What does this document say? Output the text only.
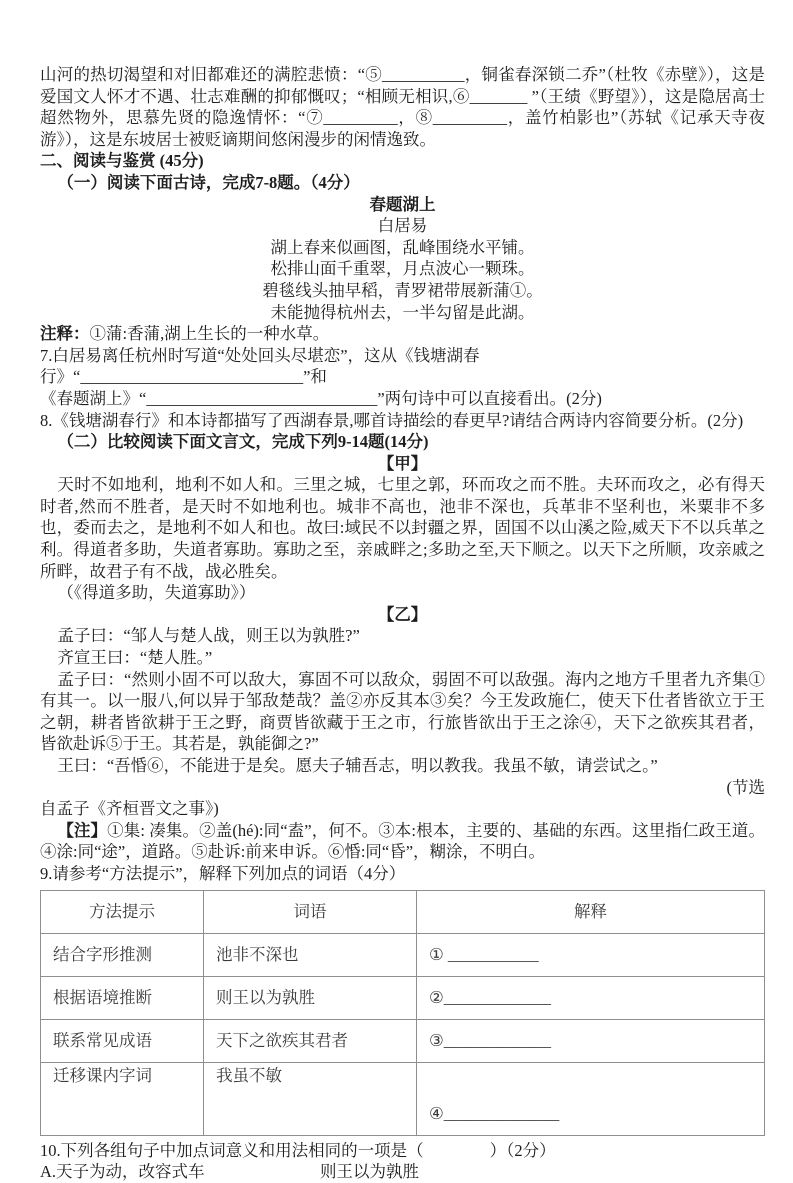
山河的热切渴望和对旧都难还的满腔悲愤：“⑤__________，铜雀春深锁二乔”（杜牧《赤壁》），这是爱国文人怀才不遇、壮志难酬的抑郁慨叹；“相顾无相识,⑥_______ ”（王绩《野望》），这是隐居高士超然物外，思慕先贤的隐逸情怀：“⑦_________，⑧_________，盖竹柏影也”（苏轼《记承天寺夜游》），这是东坡居士被贬谪期间悠闲漫步的闲情逸致。

二、阅读与鉴赏 (45分)
（一）阅读下面古诗，完成7-8题。（4分）
春题湖上
白居易
湖上春来似画图，乱峰围绕水平铺。
松排山面千重翠，月点波心一颗珠。
碧毯线头抽早稻，青罗裙带展新蒲①。
未能抛得杭州去，一半勾留是此湖。

注释：①蒲:香蒲,湖上生长的一种水草。

7.白居易离任杭州时写道“处处回头尽堪恋”，这从《钱塘湖春行》“___________________________”和
《春题湖上》“____________________________”两句诗中可以直接看出。(2分)
8.《钱塘湖春行》和本诗都描写了西湖春景,哪首诗描绘的春更早?请结合两诗内容简要分析。(2分)
（二）比较阅读下面文言文，完成下列9-14题(14分)
【甲】

天时不如地利，地利不如人和。三里之城，七里之郭，环而攻之而不胜。夫环而攻之，必有得天时者,然而不胜者，是天时不如地利也。城非不高也，池非不深也，兵革非不坚利也，米粟非不多也，委而去之，是地利不如人和也。故曰:域民不以封疆之界，固国不以山溪之险,威天下不以兵革之利。得道者多助，失道者寡助。寡助之至，亲戚畔之;多助之至,天下顺之。以天下之所顺，攻亲戚之所畔，故君子有不战，战必胜矣。

（《得道多助，失道寡助》）
【乙】
孟子曰：“邹人与楚人战，则王以为孰胜?”
齐宣王曰：“楚人胜。”

孟子曰：“然则小固不可以敌大，寡固不可以敌众，弱固不可以敌强。海内之地方千里者九齐集①有其一。以一服八,何以异于邹敌楚哉？盖②亦反其本③矣？今王发政施仁，使天下仕者皆欲立于王之朝，耕者皆欲耕于王之野，商贾皆欲藏于王之市，行旅皆欲出于王之涂④，天下之欲疾其君者，皆欲赴诉⑤于王。其若是，孰能御之?”

王曰：“吾惛⑥，不能进于是矣。愿夫子辅吾志，明以教我。我虽不敏，请尝试之。”
(节选
自孟子《齐桓晋文之事》)

【注】①集: 凑集。②盖(hé):同“盍”，何不。③本:根本，主要的、基础的东西。这里指仁政王道。④涂:同“途”，道路。⑤赴诉:前来申诉。⑥惛:同“昏”，糊涂，不明白。

9.请参考“方法提示”，解释下列加点的词语（4分）
方法提示	词语	解释
结合字形推测	池非不深也	① ___________
根据语境推断	则王以为孰胜	②_____________
联系常见成语	天下之欲疾其君者	③_____________
迁移课内字词	我虽不敏	④______________
10.下列各组句子中加点词意义和用法相同的一项是（　　　　）（2分）
A.天子为动，改容式车　　　　　　　则王以为孰胜
